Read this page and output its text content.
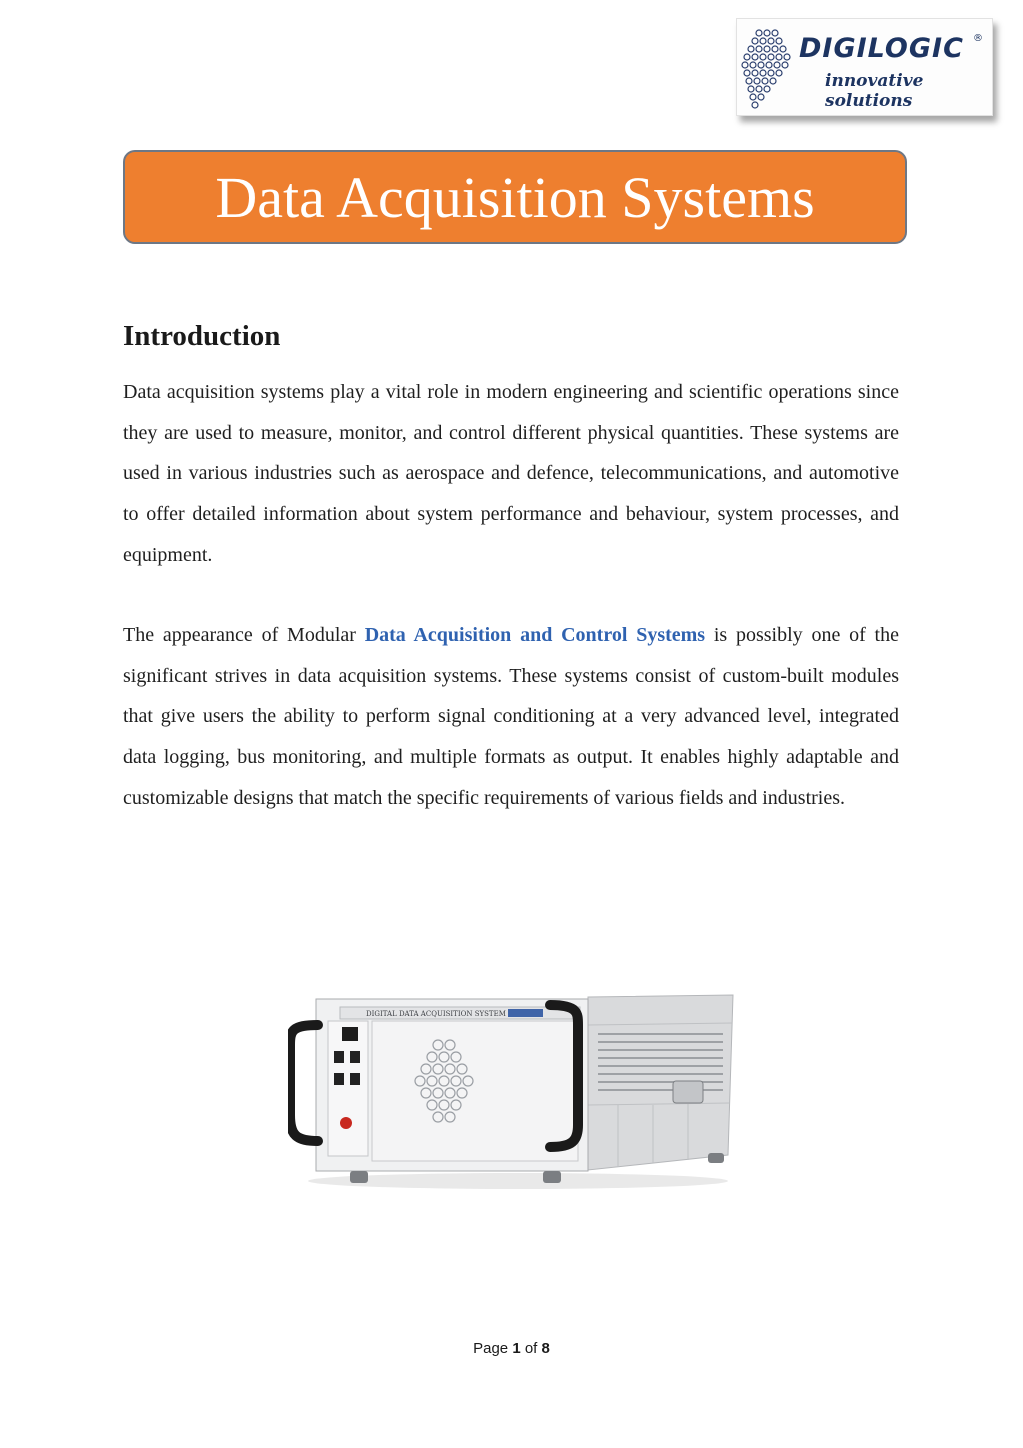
DIGILOGIC ®
innovative solutions
Data Acquisition Systems
Introduction

Data acquisition systems play a vital role in modern engineering and scientific operations since they are used to measure, monitor, and control different physical quantities. These systems are used in various industries such as aerospace and defence, telecommunications, and automotive to offer detailed information about system performance and behaviour, system processes, and equipment.

The appearance of Modular Data Acquisition and Control Systems is possibly one of the significant strives in data acquisition systems. These systems consist of custom-built modules that give users the ability to perform signal conditioning at a very advanced level, integrated data logging, bus monitoring, and multiple formats as output. It enables highly adaptable and customizable designs that match the specific requirements of various fields and industries.

DIGITAL DATA ACQUISITION SYSTEM
Page 1 of 8
